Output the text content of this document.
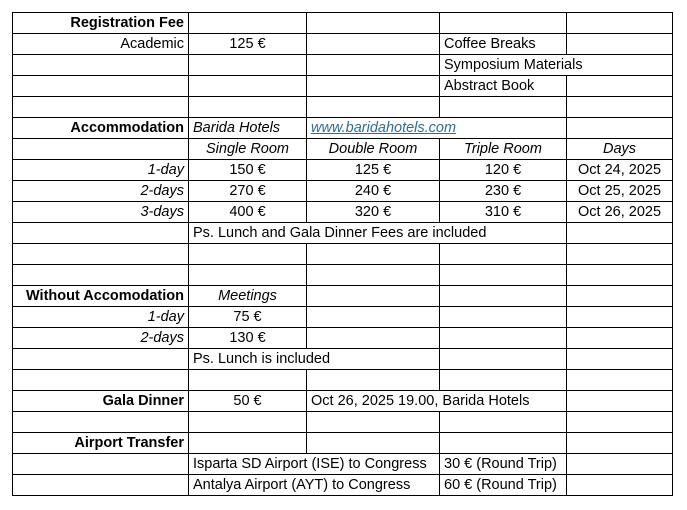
Registration Fee				
Academic	125 €		Coffee Breaks	
			Symposium Materials	
			Abstract Book	

Accommodation	Barida Hotels	www.baridahotels.com		
	Single Room	Double Room	Triple Room	Days
1-day	150 €	125 €	120 €	Oct 24, 2025
2-days	270 €	240 €	230 €	Oct 25, 2025
3-days	400 €	320 €	310 €	Oct 26, 2025
	Ps. Lunch and Gala Dinner Fees are included			

Without Accomodation	Meetings			
1-day	75 €			
2-days	130 €			
	Ps. Lunch is included			

Gala Dinner	50 €	Oct 26, 2025 19.00, Barida Hotels		

Airport Transfer				
	Isparta SD Airport (ISE) to Congress		30 € (Round Trip)	
	Antalya Airport (AYT) to Congress		60 € (Round Trip)	
